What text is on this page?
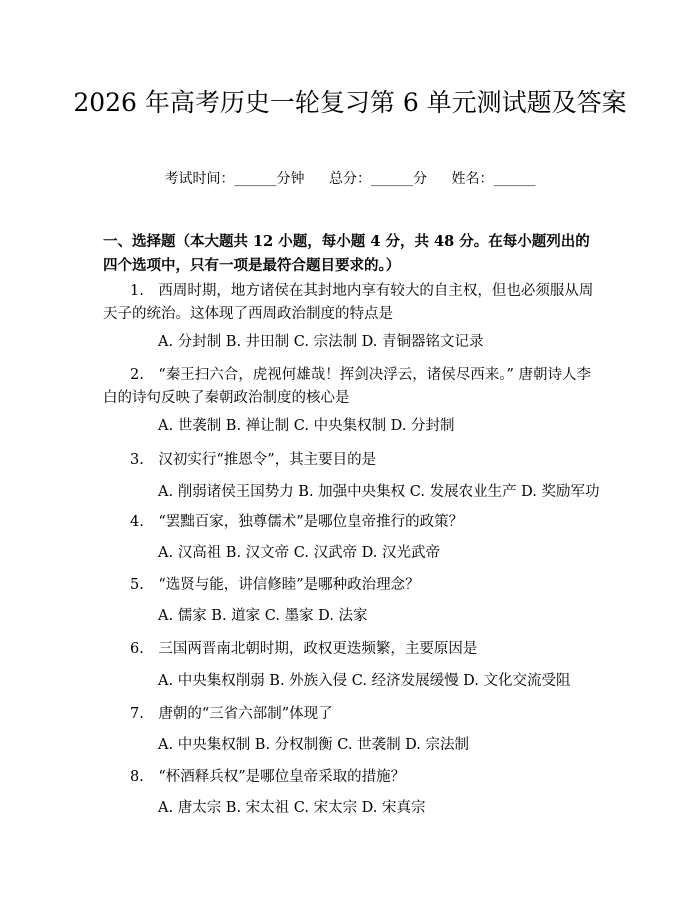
2026 年高考历史一轮复习第 6 单元测试题及答案
考试时间：______分钟 总分：______分 姓名：______
一、选择题（本大题共 12 小题，每小题 4 分，共 48 分。在每小题列出的四个选项中，只有一项是最符合题目要求的。）
1.　西周时期，地方诸侯在其封地内享有较大的自主权，但也必须服从周天子的统治。这体现了西周政治制度的特点是
A. 分封制 B. 井田制 C. 宗法制 D. 青铜器铭文记录
2.　“秦王扫六合，虎视何雄哉！挥剑决浮云，诸侯尽西来。” 唐朝诗人李白的诗句反映了秦朝政治制度的核心是
A. 世袭制 B. 禅让制 C. 中央集权制 D. 分封制
3.　汉初实行“推恩令”，其主要目的是
A. 削弱诸侯王国势力 B. 加强中央集权 C. 发展农业生产 D. 奖励军功
4.　“罢黜百家，独尊儒术”是哪位皇帝推行的政策？
A. 汉高祖 B. 汉文帝 C. 汉武帝 D. 汉光武帝
5.　“选贤与能，讲信修睦”是哪种政治理念？
A. 儒家 B. 道家 C. 墨家 D. 法家
6.　三国两晋南北朝时期，政权更迭频繁，主要原因是
A. 中央集权削弱 B. 外族入侵 C. 经济发展缓慢 D. 文化交流受阻
7.　唐朝的“三省六部制”体现了
A. 中央集权制 B. 分权制衡 C. 世袭制 D. 宗法制
8.　“杯酒释兵权”是哪位皇帝采取的措施？
A. 唐太宗 B. 宋太祖 C. 宋太宗 D. 宋真宗
